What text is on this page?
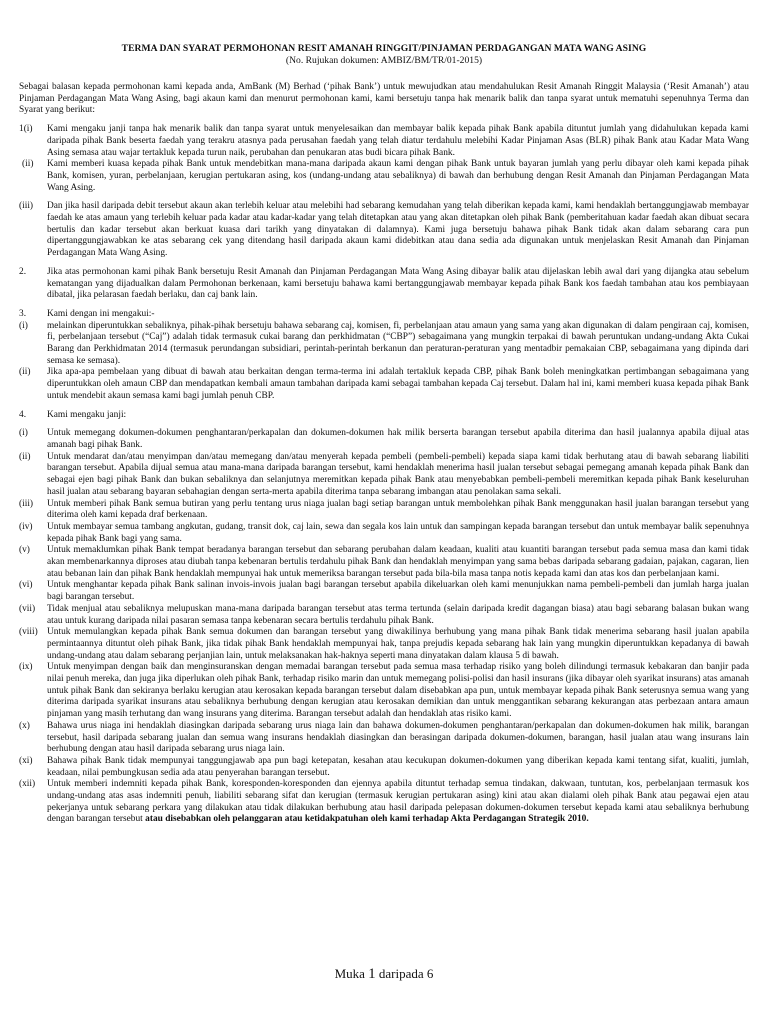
TERMA DAN SYARAT PERMOHONAN RESIT AMANAH RINGGIT/PINJAMAN PERDAGANGAN MATA WANG ASING
(No. Rujukan dokumen: AMBIZ/BM/TR/01-2015)

Sebagai balasan kepada permohonan kami kepada anda, AmBank (M) Berhad (‘pihak Bank’) untuk mewujudkan atau mendahulukan Resit Amanah Ringgit Malaysia (‘Resit Amanah’) atau Pinjaman Perdagangan Mata Wang Asing, bagi akaun kami dan menurut permohonan kami, kami bersetuju tanpa hak menarik balik dan tanpa syarat untuk mematuhi sepenuhnya Terma dan Syarat yang berikut:

1(i)	Kami mengaku janji tanpa hak menarik balik dan tanpa syarat untuk menyelesaikan dan membayar balik kepada pihak Bank apabila dituntut jumlah yang didahulukan kepada kami daripada pihak Bank beserta faedah yang terakru atasnya pada perusahan faedah yang telah diatur terdahulu melebihi Kadar Pinjaman Asas (BLR) pihak Bank atau Kadar Mata Wang Asing semasa atau wajar tertakluk kepada turun naik, perubahan dan penukaran atas budi bicara pihak Bank.
(ii)	Kami memberi kuasa kepada pihak Bank untuk mendebitkan mana-mana daripada akaun kami dengan pihak Bank untuk bayaran jumlah yang perlu dibayar oleh kami kepada pihak Bank, komisen, yuran, perbelanjaan, kerugian pertukaran asing, kos (undang-undang atau sebaliknya) di bawah dan berhubung dengan Resit Amanah dan Pinjaman Perdagangan Mata Wang Asing.
(iii)	Dan jika hasil daripada debit tersebut akaun akan terlebih keluar atau melebihi had sebarang kemudahan yang telah diberikan kepada kami, kami hendaklah bertanggungjawab membayar faedah ke atas amaun yang terlebih keluar pada kadar atau kadar-kadar yang telah ditetapkan atau yang akan ditetapkan oleh pihak Bank (pemberitahuan kadar faedah akan dibuat secara bertulis dan kadar tersebut akan berkuat kuasa dari tarikh yang dinyatakan di dalamnya). Kami juga bersetuju bahawa pihak Bank tidak akan dalam sebarang cara pun dipertanggungjawabkan ke atas sebarang cek yang ditendang hasil daripada akaun kami didebitkan atau dana sedia ada digunakan untuk menjelaskan Resit Amanah dan Pinjaman Perdagangan Mata Wang Asing.
2.	Jika atas permohonan kami pihak Bank bersetuju Resit Amanah dan Pinjaman Perdagangan Mata Wang Asing dibayar balik atau dijelaskan lebih awal dari yang dijangka atau sebelum kematangan yang dijadualkan dalam Permohonan berkenaan, kami bersetuju bahawa kami bertanggungjawab membayar kepada pihak Bank kos faedah tambahan atau kos pembiayaan dibatal, jika pelarasan faedah berlaku, dan caj bank lain.
3.	Kami dengan ini mengakui:-
(i)	melainkan diperuntukkan sebaliknya, pihak-pihak bersetuju bahawa sebarang caj, komisen, fi, perbelanjaan atau amaun yang sama yang akan digunakan di dalam pengiraan caj, komisen, fi, perbelanjaan tersebut (“Caj”) adalah tidak termasuk cukai barang dan perkhidmatan (“CBP”) sebagaimana yang mungkin terpakai di bawah peruntukan undang-undang Akta Cukai Barang dan Perkhidmatan 2014 (termasuk perundangan subsidiari, perintah-perintah berkanun dan peraturan-peraturan yang mentadbir pemakaian CBP, sebagaimana yang dipinda dari semasa ke semasa).
(ii)	Jika apa-apa pembelaan yang dibuat di bawah atau berkaitan dengan terma-terma ini adalah tertakluk kepada CBP, pihak Bank boleh meningkatkan pertimbangan sebagaimana yang diperuntukkan oleh amaun CBP dan mendapatkan kembali amaun tambahan daripada kami sebagai tambahan kepada Caj tersebut. Dalam hal ini, kami memberi kuasa kepada pihak Bank untuk mendebit akaun semasa kami bagi jumlah penuh CBP.
4.	Kami mengaku janji:
(i)	Untuk memegang dokumen-dokumen penghantaran/perkapalan dan dokumen-dokumen hak milik berserta barangan tersebut apabila diterima dan hasil jualannya apabila dijual atas amanah bagi pihak Bank.
(ii)	Untuk mendarat dan/atau menyimpan dan/atau memegang dan/atau menyerah kepada pembeli (pembeli-pembeli) kepada siapa kami tidak berhutang atau di bawah sebarang liabiliti barangan tersebut. Apabila dijual semua atau mana-mana daripada barangan tersebut, kami hendaklah menerima hasil jualan tersebut sebagai pemegang amanah kepada pihak Bank dan sebagai ejen bagi pihak Bank dan bukan sebaliknya dan selanjutnya meremitkan kepada pihak Bank atau menyebabkan pembeli-pembeli meremitkan kepada pihak Bank keseluruhan hasil jualan atau sebarang bayaran sebahagian dengan serta-merta apabila diterima tanpa sebarang imbangan atau penolakan sama sekali.
(iii)	Untuk memberi pihak Bank semua butiran yang perlu tentang urus niaga jualan bagi setiap barangan untuk membolehkan pihak Bank menggunakan hasil jualan barangan tersebut yang diterima oleh kami kepada draf berkenaan.
(iv)	Untuk membayar semua tambang angkutan, gudang, transit dok, caj lain, sewa dan segala kos lain untuk dan sampingan kepada barangan tersebut dan untuk membayar balik sepenuhnya kepada pihak Bank bagi yang sama.
(v)	Untuk memaklumkan pihak Bank tempat beradanya barangan tersebut dan sebarang perubahan dalam keadaan, kualiti atau kuantiti barangan tersebut pada semua masa dan kami tidak akan membenarkannya diproses atau diubah tanpa kebenaran bertulis terdahulu pihak Bank dan hendaklah menyimpan yang sama bebas daripada sebarang gadaian, pajakan, cagaran, lien atau bebanan lain dan pihak Bank hendaklah mempunyai hak untuk memeriksa barangan tersebut pada bila-bila masa tanpa notis kepada kami dan atas kos dan perbelanjaan kami.
(vi)	Untuk menghantar kepada pihak Bank salinan invois-invois jualan bagi barangan tersebut apabila dikeluarkan oleh kami menunjukkan nama pembeli-pembeli dan jumlah harga jualan bagi barangan tersebut.
(vii)	Tidak menjual atau sebaliknya melupuskan mana-mana daripada barangan tersebut atas terma tertunda (selain daripada kredit dagangan biasa) atau bagi sebarang balasan bukan wang atau untuk kurang daripada nilai pasaran semasa tanpa kebenaran secara bertulis terdahulu pihak Bank.
(viii) Untuk memulangkan kepada pihak Bank semua dokumen dan barangan tersebut yang diwakilinya berhubung yang mana pihak Bank tidak menerima sebarang hasil jualan apabila permintaannya dituntut oleh pihak Bank, jika tidak pihak Bank hendaklah mempunyai hak, tanpa prejudis kepada sebarang hak lain yang mungkin diperuntukkan kepadanya di bawah undang-undang atau dalam sebarang perjanjian lain, untuk melaksanakan hak-haknya seperti mana dinyatakan dalam klausa 5 di bawah.
(ix)	Untuk menyimpan dengan baik dan menginsuranskan dengan memadai barangan tersebut pada semua masa terhadap risiko yang boleh dilindungi termasuk kebakaran dan banjir pada nilai penuh mereka, dan juga jika diperlukan oleh pihak Bank, terhadap risiko marin dan untuk memegang polisi-polisi dan hasil insurans (jika dibayar oleh syarikat insurans) atas amanah untuk pihak Bank dan sekiranya berlaku kerugian atau kerosakan kepada barangan tersebut dalam disebabkan apa pun, untuk membayar kepada pihak Bank seterusnya semua wang yang diterima daripada syarikat insurans atau sebaliknya berhubung dengan kerugian atau kerosakan demikian dan untuk menggantikan sebarang kekurangan atas perbezaan antara amaun pinjaman yang masih terhutang dan wang insurans yang diterima. Barangan tersebut adalah dan hendaklah atas risiko kami.
(x)	Bahawa urus niaga ini hendaklah diasingkan daripada sebarang urus niaga lain dan bahawa dokumen-dokumen penghantaran/perkapalan dan dokumen-dokumen hak milik, barangan tersebut, hasil daripada sebarang jualan dan semua wang insurans hendaklah diasingkan dan berasingan daripada dokumen-dokumen, barangan, hasil jualan atau wang insurans lain berhubung dengan atau hasil daripada sebarang urus niaga lain.
(xi)	Bahawa pihak Bank tidak mempunyai tanggungjawab apa pun bagi ketepatan, kesahan atau kecukupan dokumen-dokumen yang diberikan kepada kami tentang sifat, kualiti, jumlah, keadaan, nilai pembungkusan sedia ada atau penyerahan barangan tersebut.
(xii)	Untuk memberi indemniti kepada pihak Bank, koresponden-koresponden dan ejennya apabila dituntut terhadap semua tindakan, dakwaan, tuntutan, kos, perbelanjaan termasuk kos undang-undang atas asas indemniti penuh, liabiliti sebarang sifat dan kerugian (termasuk kerugian pertukaran asing) kini atau akan dialami oleh pihak Bank atau pegawai ejen atau pekerjanya untuk sebarang perkara yang dilakukan atau tidak dilakukan berhubung atau hasil daripada pelepasan dokumen-dokumen tersebut kepada kami atau sebaliknya berhubung dengan barangan tersebut atau disebabkan oleh pelanggaran atau ketidakpatuhan oleh kami terhadap Akta Perdagangan Strategik 2010.
Muka 1 daripada 6
